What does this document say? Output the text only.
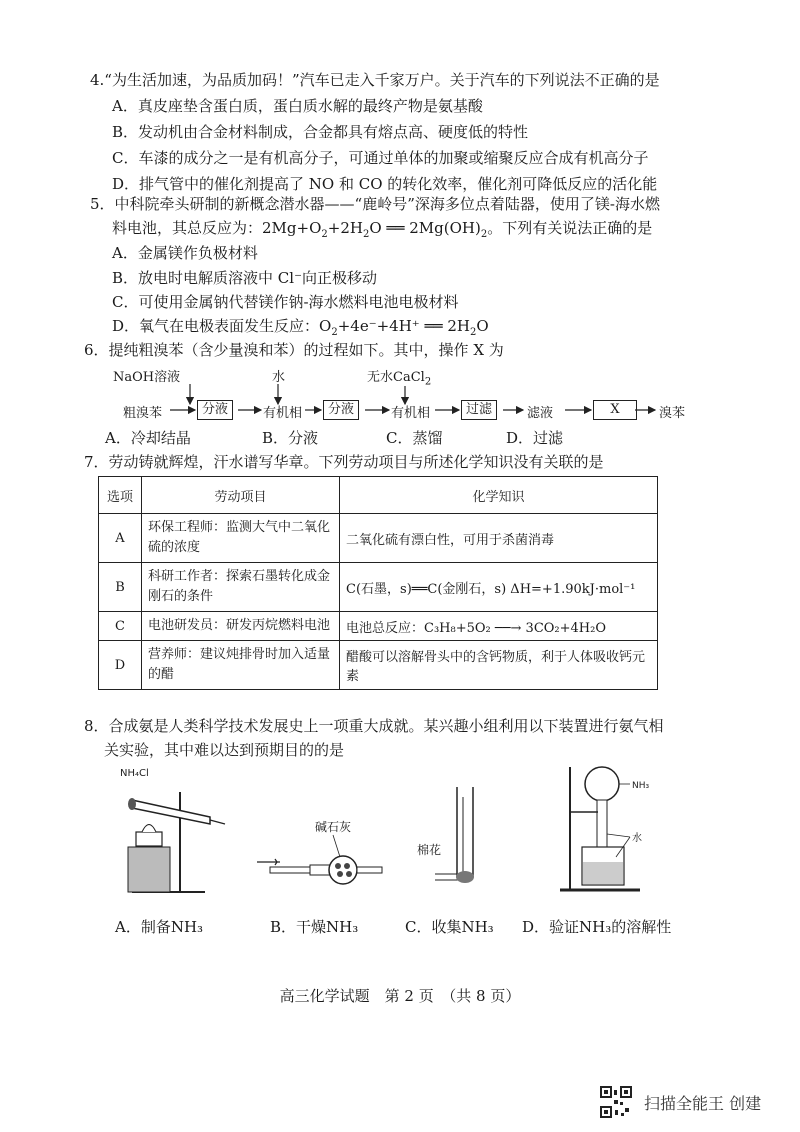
4.“为生活加速，为品质加码！”汽车已走入千家万户。关于汽车的下列说法不正确的是
A．真皮座垫含蛋白质，蛋白质水解的最终产物是氨基酸
B．发动机由合金材料制成，合金都具有熔点高、硬度低的特性
C．车漆的成分之一是有机高分子，可通过单体的加聚或缩聚反应合成有机高分子
D．排气管中的催化剂提高了 NO 和 CO 的转化效率，催化剂可降低反应的活化能
5．中科院牵头研制的新概念潜水器——“鹿岭号”深海多位点着陆器，使用了镁-海水燃
料电池，其总反应为：$2Mg+O_2+2H_2O$ ══ $2Mg(OH)_2$。下列有关说法正确的是
A．金属镁作负极材料
B．放电时电解质溶液中 Cl⁻向正极移动
C．可使用金属钠代替镁作钠-海水燃料电池电极材料
D．氧气在电极表面发生反应：$O_2+4e^-+4H^+$ ══ $2H_2O$
6．提纯粗溴苯（含少量溴和苯）的过程如下。其中，操作 X 为
NaOH溶液	水	无水CaCl$_2$
粗溴苯	分液	有机相	分液	有机相	过滤	滤液	X	溴苯
A．冷却结晶	B．分液	C．蒸馏	D．过滤
7．劳动铸就辉煌，汗水谱写华章。下列劳动项目与所述化学知识没有关联的是
选项	劳动项目	化学知识
A	环保工程师：监测大气中二氧化硫的浓度	二氧化硫有漂白性，可用于杀菌消毒
B	科研工作者：探索石墨转化成金刚石的条件	C(石墨，s)══C(金刚石，s) ΔH=+1.90kJ·mol⁻¹
C	电池研发员：研发丙烷燃料电池	电池总反应：C₃H₈+5O₂ ──→ 3CO₂+4H₂O
D	营养师：建议炖排骨时加入适量的醋	醋酸可以溶解骨头中的含钙物质，利于人体吸收钙元素
8．合成氨是人类科学技术发展史上一项重大成就。某兴趣小组利用以下装置进行氨气相
关实验，其中难以达到预期目的的是
NH₄Cl
碱石灰
棉花
NH₃
水
A．制备NH₃	B．干燥NH₃	C．收集NH₃ D．验证NH₃的溶解性
高三化学试题　第 2 页　（共 8 页）
扫描全能王 创建
